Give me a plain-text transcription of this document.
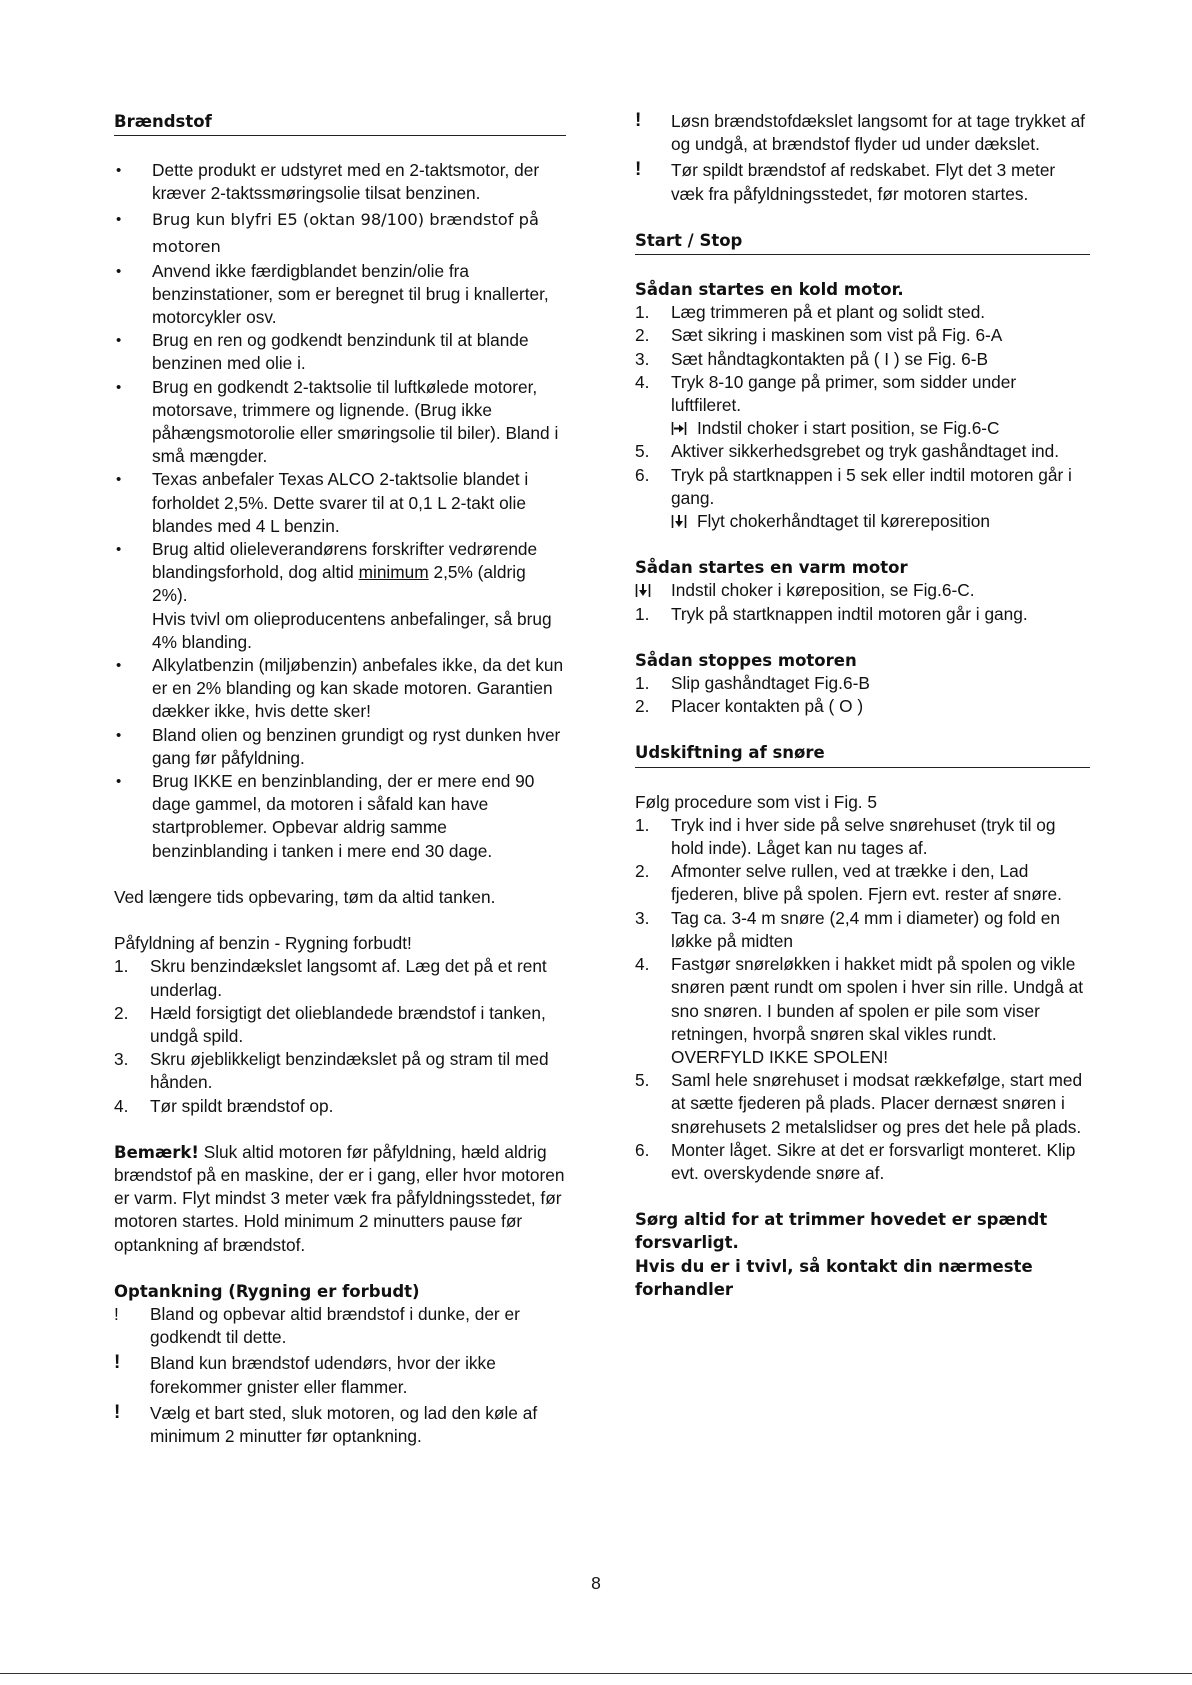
Brændstof
•	Dette produkt er udstyret med en 2-taktsmotor, der kræver 2-taktssmøringsolie tilsat benzinen.
•	Brug kun blyfri E5 (oktan 98/100) brændstof på motoren
•	Anvend ikke færdigblandet benzin/olie fra benzinstationer, som er beregnet til brug i knallerter, motorcykler osv.
•	Brug en ren og godkendt benzindunk til at blande benzinen med olie i.
•	Brug en godkendt 2-taktsolie til luftkølede motorer, motorsave, trimmere og lignende. (Brug ikke påhængsmotorolie eller smøringsolie til biler). Bland i små mængder.
•	Texas anbefaler Texas ALCO 2-taktsolie blandet i forholdet 2,5%. Dette svarer til at 0,1 L 2-takt olie blandes med 4 L benzin.
•	Brug altid olieleverandørens forskrifter vedrørende blandingsforhold, dog altid minimum 2,5% (aldrig 2%).
Hvis tvivl om olieproducentens anbefalinger, så brug 4% blanding.
•	Alkylatbenzin (miljøbenzin) anbefales ikke, da det kun er en 2% blanding og kan skade motoren. Garantien dækker ikke, hvis dette sker!
•	Bland olien og benzinen grundigt og ryst dunken hver gang før påfyldning.
•	Brug IKKE en benzinblanding, der er mere end 90 dage gammel, da motoren i såfald kan have startproblemer. Opbevar aldrig samme benzinblanding i tanken i mere end 30 dage.
Ved længere tids opbevaring, tøm da altid tanken.
Påfyldning af benzin - Rygning forbudt!
1.	Skru benzindækslet langsomt af. Læg det på et rent underlag.
2.	Hæld forsigtigt det olieblandede brændstof i tanken, undgå spild.
3.	Skru øjeblikkeligt benzindækslet på og stram til med hånden.
4.	Tør spildt brændstof op.
Bemærk! Sluk altid motoren før påfyldning, hæld aldrig brændstof på en maskine, der er i gang, eller hvor motoren er varm. Flyt mindst 3 meter væk fra påfyldningsstedet, før motoren startes. Hold minimum 2 minutters pause før optankning af brændstof.
Optankning (Rygning er forbudt)
!	Bland og opbevar altid brændstof i dunke, der er godkendt til dette.
!	Bland kun brændstof udendørs, hvor der ikke forekommer gnister eller flammer.
!	Vælg et bart sted, sluk motoren, og lad den køle af minimum 2 minutter før optankning.
!	Løsn brændstofdækslet langsomt for at tage trykket af og undgå, at brændstof flyder ud under dækslet.
!	Tør spildt brændstof af redskabet. Flyt det 3 meter væk fra påfyldningsstedet, før motoren startes.
Start / Stop
Sådan startes en kold motor.
1.	Læg trimmeren på et plant og solidt sted.
2.	Sæt sikring i maskinen som vist på Fig. 6-A
3.	Sæt håndtagkontakten på ( I ) se Fig. 6-B
4.	Tryk 8-10 gange på primer, som sidder under luftfileret.
Indstil choker i start position, se Fig.6-C
5.	Aktiver sikkerhedsgrebet og tryk gashåndtaget ind.
6.	Tryk på startknappen i 5 sek eller indtil motoren går i gang.
Flyt chokerhåndtaget til kørereposition
Sådan startes en varm motor
Indstil choker i køreposition, se Fig.6-C.
1.	Tryk på startknappen indtil motoren går i gang.
Sådan stoppes motoren
1.	Slip gashåndtaget Fig.6-B
2.	Placer kontakten på ( O )
Udskiftning af snøre
Følg procedure som vist i Fig. 5
1.	Tryk ind i hver side på selve snørehuset (tryk til og hold inde). Låget kan nu tages af.
2.	Afmonter selve rullen, ved at trække i den, Lad fjederen, blive på spolen. Fjern evt. rester af snøre.
3.	Tag ca. 3-4 m snøre (2,4 mm i diameter) og fold en løkke på midten
4.	Fastgør snøreløkken i hakket midt på spolen og vikle snøren pænt rundt om spolen i hver sin rille. Undgå at sno snøren. I bunden af spolen er pile som viser retningen, hvorpå snøren skal vikles rundt. OVERFYLD IKKE SPOLEN!
5.	Saml hele snørehuset i modsat rækkefølge, start med at sætte fjederen på plads. Placer dernæst snøren i snørehusets 2 metalslidser og pres det hele på plads.
6.	Monter låget. Sikre at det er forsvarligt monteret. Klip evt. overskydende snøre af.
Sørg altid for at trimmer hovedet er spændt forsvarligt.
Hvis du er i tvivl, så kontakt din nærmeste forhandler
8
